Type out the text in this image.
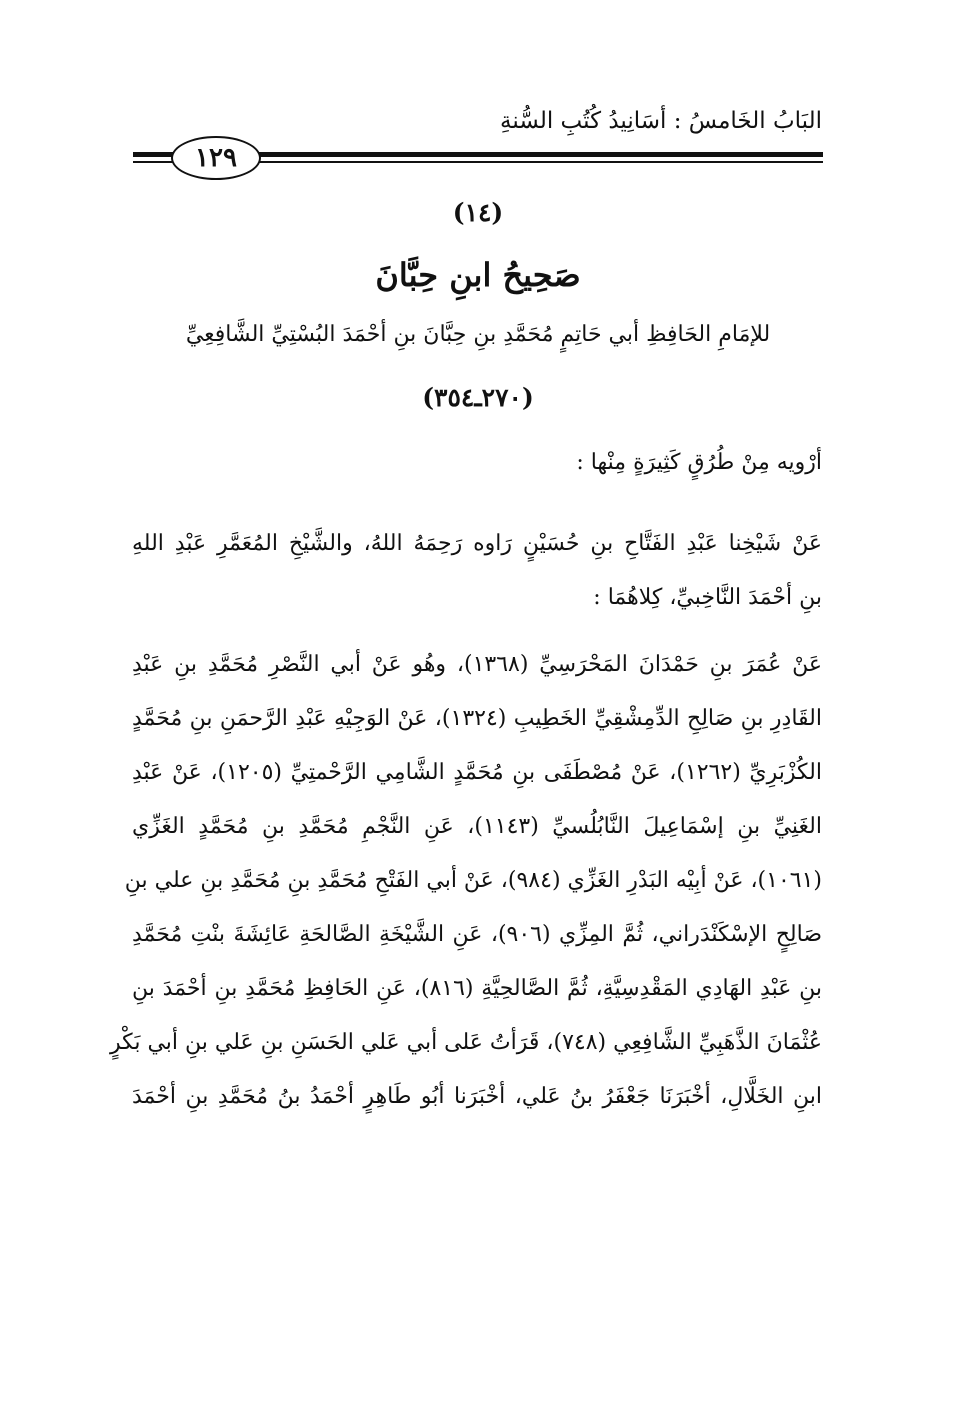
البَابُ الخَامسُ : أسَانِيدُ كُتُبِ السُّنةِ
١٢٩
(١٤)
صَحِيحُ ابنِ حِبَّانَ
للإمَامِ الحَافِظِ أبي حَاتِمٍ مُحَمَّدِ بنِ حِبَّانَ بنِ أحْمَدَ البُسْتِيِّ الشَّافِعِيِّ
(٢٧٠ـ٣٥٤)
أرْويه مِنْ طُرُقٍ كَثِيرَةٍ مِنْها :
عَنْ شَيْخِنا عَبْدِ الفَتَّاحِ بنِ حُسَيْنٍ رَاوه رَحِمَهُ اللهُ، والشَّيْخِ المُعَمَّرِ عَبْدِ اللهِ
بنِ أحْمَدَ النَّاخِبيِّ، كِلاهُمَا :
عَنْ عُمَرَ بنِ حَمْدَانَ المَحْرَسِيِّ (١٣٦٨)، وهُو عَنْ أبي النَّصْرِ مُحَمَّدِ بنِ عَبْدِ
القَادِرِ بنِ صَالِحِ الدِّمِشْقِيِّ الخَطِيبِ (١٣٢٤)، عَنْ الوَجِيْهِ عَبْدِ الرَّحمَنِ بنِ مُحَمَّدٍ
الكُزْبَرِيِّ (١٢٦٢)، عَنْ مُصْطَفَى بنِ مُحَمَّدٍ الشَّامِي الرَّحْمتِيِّ (١٢٠٥)، عَنْ عَبْدِ
الغَنِيِّ بنِ إسْمَاعِيلَ النَّابُلُسيِّ (١١٤٣)، عَنِ النَّجْمِ مُحَمَّدِ بنِ مُحَمَّدٍ الغَزِّي
(١٠٦١)، عَنْ أبِيْه البَدْرِ الغَزِّي (٩٨٤)، عَنْ أبي الفَتْحِ مُحَمَّدِ بنِ مُحَمَّدِ بنِ علي بنِ
صَالِحٍ الإسْكَنْدَراني، ثُمَّ المِزِّي (٩٠٦)، عَنِ الشَّيْخَةِ الصَّالحَةِ عَائِشَةَ بنْتِ مُحَمَّدِ
بنِ عَبْدِ الهَادِي المَقْدِسِيَّةِ، ثُمَّ الصَّالحِيَّةِ (٨١٦)، عَنِ الحَافِظِ مُحَمَّدِ بنِ أحْمَدَ بنِ
عُثْمَانَ الذَّهَبِيِّ الشَّافِعِي (٧٤٨)، قَرَأتُ عَلى أبي عَلي الحَسَنِ بنِ عَلي بنِ أبي بَكْرٍ
ابنِ الخَلَّالِ، أخْبَرَنَا جَعْفَرُ بنُ عَلي، أخْبَرَنا أبُو طَاهِرٍ أحْمَدُ بنُ مُحَمَّدِ بنِ أحْمَدَ
